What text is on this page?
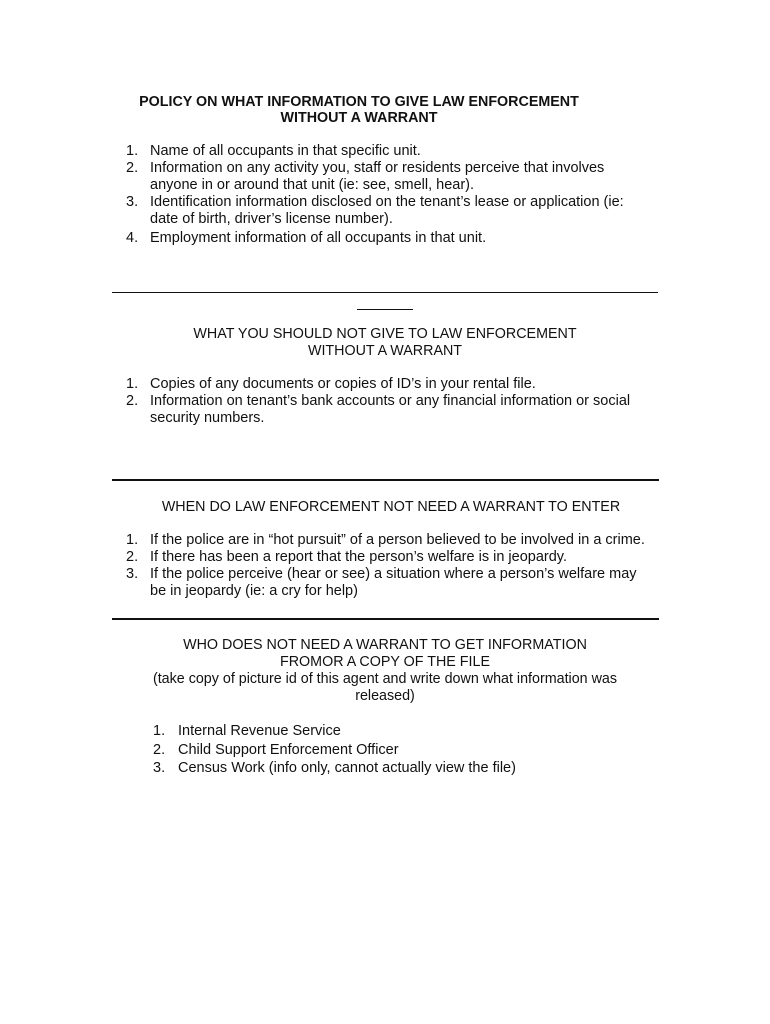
POLICY ON WHAT INFORMATION TO GIVE LAW ENFORCEMENT
WITHOUT A WARRANT
1. Name of all occupants in that specific unit.
2. Information on any activity you, staff or residents perceive that involves anyone in or around that unit (ie: see, smell, hear).
3. Identification information disclosed on the tenant’s lease or application (ie: date of birth, driver’s license number).
4. Employment information of all occupants in that unit.
WHAT YOU SHOULD NOT GIVE TO LAW ENFORCEMENT
WITHOUT A WARRANT
1. Copies of any documents or copies of ID’s in your rental file.
2. Information on tenant’s bank accounts or any financial information or social security numbers.
WHEN DO LAW ENFORCEMENT NOT NEED A WARRANT TO ENTER
1. If the police are in “hot pursuit” of a person believed to be involved in a crime.
2. If there has been a report that the person’s welfare is in jeopardy.
3. If the police perceive (hear or see) a situation where a person’s welfare may be in jeopardy (ie: a cry for help)
WHO DOES NOT NEED A WARRANT TO GET INFORMATION
FROMOR A COPY OF THE FILE
(take copy of picture id of this agent and write down what information was
released)
1. Internal Revenue Service
2. Child Support Enforcement Officer
3. Census Work (info only, cannot actually view the file)
